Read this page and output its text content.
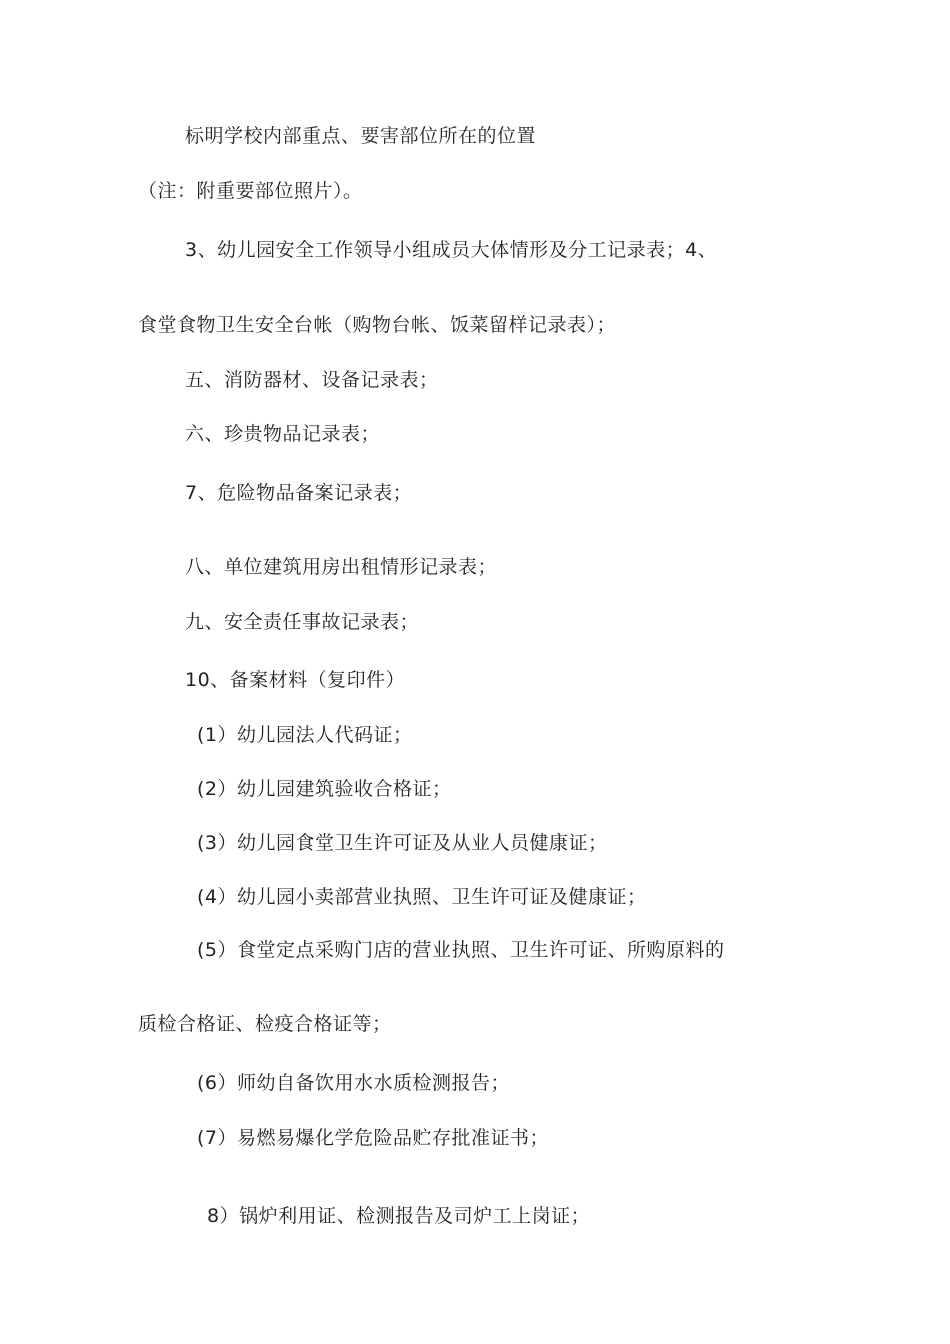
标明学校内部重点、要害部位所在的位置
（注：附重要部位照片）。
3、幼儿园安全工作领导小组成员大体情形及分工记录表；4、
食堂食物卫生安全台帐（购物台帐、饭菜留样记录表）；
五、消防器材、设备记录表；
六、珍贵物品记录表；
7、危险物品备案记录表；
八、单位建筑用房出租情形记录表；
九、安全责任事故记录表；
10、备案材料（复印件）
(1）幼儿园法人代码证；
(2）幼儿园建筑验收合格证；
(3）幼儿园食堂卫生许可证及从业人员健康证；
(4）幼儿园小卖部营业执照、卫生许可证及健康证；
(5）食堂定点采购门店的营业执照、卫生许可证、所购原料的
质检合格证、检疫合格证等；
(6）师幼自备饮用水水质检测报告；
(7）易燃易爆化学危险品贮存批准证书；
8）锅炉利用证、检测报告及司炉工上岗证；
